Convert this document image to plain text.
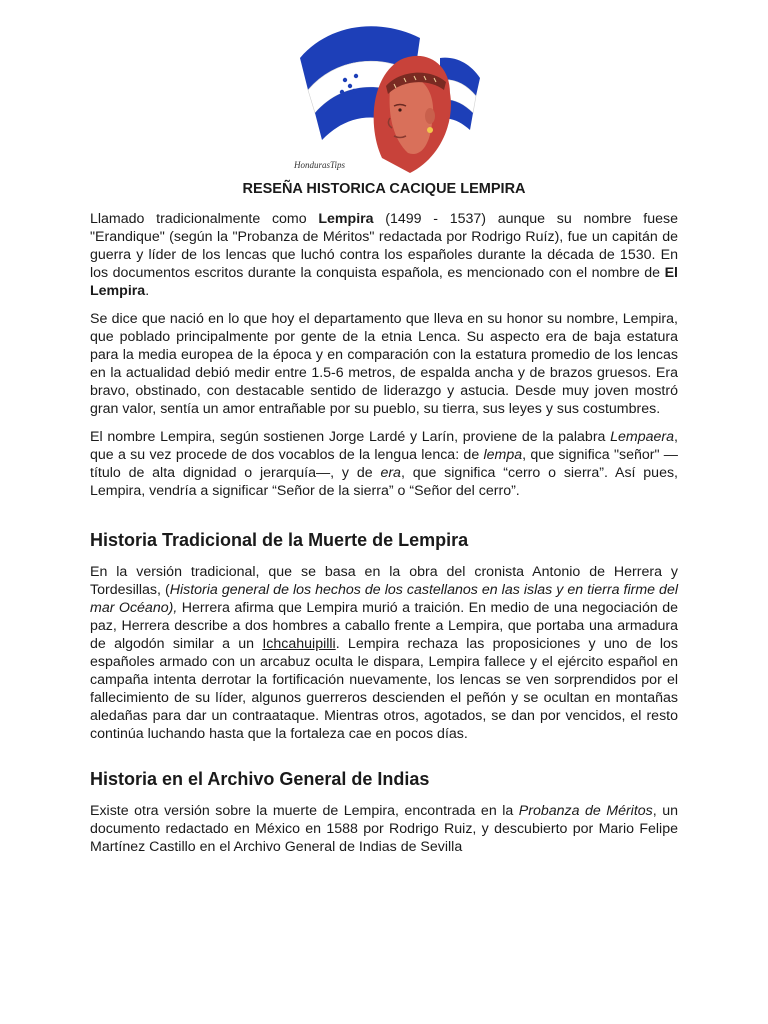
HondurasTips
RESEÑA HISTORICA CACIQUE LEMPIRA

Llamado tradicionalmente como Lempira (1499 - 1537) aunque su nombre fuese "Erandique" (según la "Probanza de Méritos" redactada por Rodrigo Ruíz), fue un capitán de guerra y líder de los lencas que luchó contra los españoles durante la década de 1530. En los documentos escritos durante la conquista española, es mencionado con el nombre de El Lempira.

Se dice que nació en lo que hoy el departamento que lleva en su honor su nombre, Lempira, que poblado principalmente por gente de la etnia Lenca. Su aspecto era de baja estatura para la media europea de la época y en comparación con la estatura promedio de los lencas en la actualidad debió medir entre 1.5-6 metros, de espalda ancha y de brazos gruesos. Era bravo, obstinado, con destacable sentido de liderazgo y astucia. Desde muy joven mostró gran valor, sentía un amor entrañable por su pueblo, su tierra, sus leyes y sus costumbres.

El nombre Lempira, según sostienen Jorge Lardé y Larín, proviene de la palabra Lempaera, que a su vez procede de dos vocablos de la lengua lenca: de lempa, que significa "señor" —título de alta dignidad o jerarquía—, y de era, que significa “cerro o sierra”. Así pues, Lempira, vendría a significar “Señor de la sierra” o “Señor del cerro”.

Historia Tradicional de la Muerte de Lempira

En la versión tradicional, que se basa en la obra del cronista Antonio de Herrera y Tordesillas, (Historia general de los hechos de los castellanos en las islas y en tierra firme del mar Océano), Herrera afirma que Lempira murió a traición. En medio de una negociación de paz, Herrera describe a dos hombres a caballo frente a Lempira, que portaba una armadura de algodón similar a un Ichcahuipilli. Lempira rechaza las proposiciones y uno de los españoles armado con un arcabuz oculta le dispara, Lempira fallece y el ejército español en campaña intenta derrotar la fortificación nuevamente, los lencas se ven sorprendidos por el fallecimiento de su líder, algunos guerreros descienden el peñón y se ocultan en montañas aledañas para dar un contraataque. Mientras otros, agotados, se dan por vencidos, el resto continúa luchando hasta que la fortaleza cae en pocos días.

Historia en el Archivo General de Indias

Existe otra versión sobre la muerte de Lempira, encontrada en la Probanza de Méritos, un documento redactado en México en 1588 por Rodrigo Ruiz, y descubierto por Mario Felipe Martínez Castillo en el Archivo General de Indias de Sevilla
